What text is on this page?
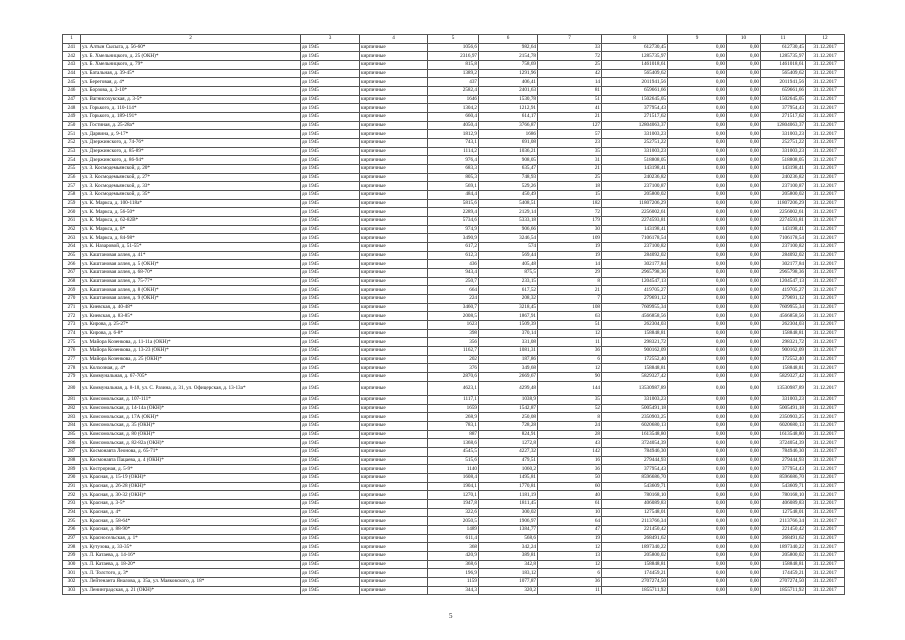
1	2	3	4	5	6	7	8	9	10	11	12
241	ул. Алтын Сысыга, д. 56-60*	до 1945	кирпичные	1056,6	982,64	33	612730,45	0,00	0,00	612730,45	31.12.2017
242	ул. Б. Хмельницкого, д. 25 (ОКН)*	до 1945	кирпичные	2316,97	2154,78	72	1285735,97	0,00	0,00	1285735,97	31.12.2017
243	ул. Б. Хмельницкого, д. 79*	до 1945	кирпичные	815,8	758,69	25	1461018,61	0,00	0,00	1461018,61	31.12.2017
244	ул. Батальная, д. 39-45*	до 1945	кирпичные	1389,2	1291,96	42	565409,62	0,00	0,00	565409,62	31.12.2017
245	ул. Береговая, д. 4*	до 1945	кирпичные	437	406,41	14	2011941,56	0,00	0,00	2011941,56	31.12.2017
246	ул. Борзова, д. 2-10*	до 1945	кирпичные	2582,4	2401,63	81	659661,66	0,00	0,00	659661,66	31.12.2017
247	ул. Вагнисохукская, д. 3-5*	до 1945	кирпичные	1646	1530,78	51	1502645,05	0,00	0,00	1502645,05	31.12.2017
248	ул. Горького, д. 110-114*	до 1945	кирпичные	1304,2	1212,91	41	377954,43	0,00	0,00	377954,43	31.12.2017
249	ул. Горького, д. 189-191*	до 1945	кирпичные	660,4	614,17	21	271517,62	0,00	0,00	271517,62	31.12.2017
250	ул. Гостиная, д. 25-28а*	до 1945	кирпичные	4050,4	3766,87	127	12804063,37	0,00	0,00	12804063,37	31.12.2017
251	ул. Дарвина, д. 9-17*	до 1945	кирпичные	1812,9	1686	57	331003,23	0,00	0,00	331003,23	31.12.2017
252	ул. Дзержинского, д. 74-76*	до 1945	кирпичные	743,1	691,08	23	252751,22	0,00	0,00	252751,22	31.12.2017
253	ул. Дзержинского, д. 85-89*	до 1945	кирпичные	1114,2	1036,21	35	331003,23	0,00	0,00	331003,23	31.12.2017
254	ул. Дзержинского, д. 86-94*	до 1945	кирпичные	976,4	908,05	31	518808,05	0,00	0,00	518808,05	31.12.2017
255	ул. З. Космодемьянской, д. 20*	до 1945	кирпичные	683,3	635,47	21	143198,41	0,00	0,00	143198,41	31.12.2017
256	ул. З. Космодемьянской, д. 27*	до 1945	кирпичные	805,3	748,93	25	240236,82	0,00	0,00	240236,82	31.12.2017
257	ул. З. Космодемьянской, д. 33*	до 1945	кирпичные	569,1	529,26	18	237100,87	0,00	0,00	237100,87	31.12.2017
258	ул. З. Космодемьянской, д. 35*	до 1945	кирпичные	484,4	450,49	15	205800,02	0,00	0,00	205800,02	31.12.2017
259	ул. К. Маркса, д. 100-118а*	до 1945	кирпичные	5815,6	5408,51	182	11807206,29	0,00	0,00	11807206,29	31.12.2017
260	ул. К. Маркса, д. 56-50*	до 1945	кирпичные	2289,4	2129,14	72	2256002,61	0,00	0,00	2256002,61	31.12.2017
261	ул. К. Маркса, д. 62-82В*	до 1945	кирпичные	5734,6	5333,18	179	2274593,81	0,00	0,00	2274593,81	31.12.2017
262	ул. К. Маркса, д. 8*	до 1945	кирпичные	974,9	906,66	30	143198,41	0,00	0,00	143198,41	31.12.2017
263	ул. К. Маркса, д. 84-98*	до 1945	кирпичные	3490,9	3246,54	109	7106178,54	0,00	0,00	7106178,54	31.12.2017
264	ул. К. Назаровой, д. 51-55*	до 1945	кирпичные	617,2	574	19	237100,82	0,00	0,00	237100,82	31.12.2017
265	ул. Каштановая аллея, д. 41*	до 1945	кирпичные	612,3	569,44	19	284092,02	0,00	0,00	284092,02	31.12.2017
266	ул. Каштановая аллея, д. 5 (ОКН)*	до 1945	кирпичные	436	405,48	14	302177,84	0,00	0,00	302177,84	31.12.2017
267	ул. Каштановая аллея, д. 68-70*	до 1945	кирпичные	943,4	875,5	29	2965798,36	0,00	0,00	2965798,36	31.12.2017
268	ул. Каштановая аллея, д. 75-77*	до 1945	кирпичные	250,7	233,15	8	1204547,13	0,00	0,00	1204547,13	31.12.2017
269	ул. Каштановая аллея, д. 8 (ОКН)*	до 1945	кирпичные	664	617,52	21	419705,27	0,00	0,00	419705,27	31.12.2017
270	ул. Каштановая аллея, д. 9 (ОКН)*	до 1945	кирпичные	224	208,32	7	279691,12	0,00	0,00	279691,12	31.12.2017
271	ул. Киевская, д. 40-48*	до 1945	кирпичные	3460,7	3218,45	108	7609955,34	0,00	0,00	7609955,34	31.12.2017
272	ул. Киевская, д. 83-85*	до 1945	кирпичные	2008,5	1867,91	63	4566858,56	0,00	0,00	4566858,56	31.12.2017
273	ул. Кирова, д. 25-27*	до 1945	кирпичные	1623	1509,39	51	262304,03	0,00	0,00	262304,03	31.12.2017
274	ул. Кирова, д. 6-8*	до 1945	кирпичные	398	370,14	12	158848,81	0,00	0,00	158848,81	31.12.2017
275	ул. Майора Козенкова, д. 11-11а (ОКН)*	до 1945	кирпичные	356	331,08	11	298321,72	0,00	0,00	298321,72	31.12.2017
276	ул. Майора Козенкова, д. 13-23 (ОКН)*	до 1945	кирпичные	1162,7	1081,31	36	900162,09	0,00	0,00	900162,09	31.12.2017
277	ул. Майора Козенкова, д. 25 (ОКН)*	до 1945	кирпичные	202	187,86	6	172552,40	0,00	0,00	172552,40	31.12.2017
278	ул. Колхозная, д. 4*	до 1945	кирпичные	376	349,68	12	158848,81	0,00	0,00	158848,81	31.12.2017
279	ул. Коммунальная, д. 67-705*	до 1945	кирпичные	2870,6	2669,67	90	5829327,42	0,00	0,00	5829327,42	31.12.2017
280	ул. Коммунальная, д. 8-18, ул. С. Разина, д. 31, ул. Офицерская, д. 13-13а*	до 1945	кирпичные	4623,1	4299,48	144	13530987,89	0,00	0,00	13530987,89	31.12.2017
281	ул. Комсомольская, д. 107-111*	до 1945	кирпичные	1117,1	1038,9	35	331003,23	0,00	0,00	331003,23	31.12.2017
282	ул. Комсомольская, д. 14-14а (ОКН)*	до 1945	кирпичные	1659	1542,87	52	5005491,18	0,00	0,00	5005491,18	31.12.2017
283	ул. Комсомольская, д. 17А (ОКН)*	до 1945	кирпичные	268,9	250,08	8	2350903,25	0,00	0,00	2350903,25	31.12.2017
284	ул. Комсомольская, д. 35 (ОКН)*	до 1945	кирпичные	783,1	728,28	24	6020680,13	0,00	0,00	6020680,13	31.12.2017
285	ул. Комсомольская, д. 80 (ОКН)*	до 1945	кирпичные	887	824,91	28	1613548,80	0,00	0,00	1613548,80	31.12.2017
286	ул. Комсомольская, д. 82-82а (ОКН)*	до 1945	кирпичные	1368,6	1272,8	43	3724054,39	0,00	0,00	3724054,39	31.12.2017
287	ул. Космонавта Леонова, д. 65-71*	до 1945	кирпичные	4545,5	4227,32	142	784946,30	0,00	0,00	784946,30	31.12.2017
288	ул. Космонавта Пацаева, д. 4 (ОКН)*	до 1945	кирпичные	515,6	479,51	16	279444,93	0,00	0,00	279444,93	31.12.2017
289	ул. Кострорная, д. 5-9*	до 1945	кирпичные	1140	1060,2	36	377954,43	0,00	0,00	377954,43	31.12.2017
290	ул. Красная, д. 15-19 (ОКН)*	до 1945	кирпичные	1608,4	1495,81	50	8596686,70	0,00	0,00	8596686,70	31.12.2017
291	ул. Красная, д. 26-28 (ОКН)*	до 1945	кирпичные	1904,1	1770,81	60	543609,71	0,00	0,00	543609,71	31.12.2017
292	ул. Красная, д. 30-32 (ОКН)*	до 1945	кирпичные	1270,1	1181,19	40	780168,10	0,00	0,00	780168,10	31.12.2017
293	ул. Красная, д. 3-5*	до 1945	кирпичные	1947,8	1811,45	61	406089,83	0,00	0,00	406089,83	31.12.2017
294	ул. Красная, д. 4*	до 1945	кирпичные	322,6	300,02	10	127548,01	0,00	0,00	127548,01	31.12.2017
295	ул. Красная, д. 58-64*	до 1945	кирпичные	2050,5	1906,97	64	2113766,34	0,00	0,00	2113766,34	31.12.2017
296	ул. Красная, д. 88-90*	до 1945	кирпичные	1489	1384,77	47	221450,42	0,00	0,00	221450,42	31.12.2017
297	ул. Красносельская, д. 1*	до 1945	кирпичные	611,4	568,6	19	268491,62	0,00	0,00	268491,62	31.12.2017
298	ул. Кутузова, д. 33-35*	до 1945	кирпичные	368	342,24	12	1897340,22	0,00	0,00	1897340,22	31.12.2017
299	ул. Л. Катаева, д. 14-16*	до 1945	кирпичные	420,9	389,81	13	205800,02	0,00	0,00	205800,02	31.12.2017
300	ул. Л. Катаева, д. 18-20*	до 1945	кирпичные	368,6	342,8	12	158848,81	0,00	0,00	158848,81	31.12.2017
301	ул. Л. Толстого, д. 3*	до 1945	кирпичные	196,9	183,12	6	174459,21	0,00	0,00	174459,21	31.12.2017
302	ул. Лейтенанта Яналова, д. 35а, ул. Маяковского, д. 18*	до 1945	кирпичные	1159	1077,87	36	2707274,50	0,00	0,00	2707274,50	31.12.2017
303	ул. Ленинградская, д. 21 (ОКН)*	до 1945	кирпичные	344,3	320,2	11	1855711,92	0,00	0,00	1855711,92	31.12.2017
5
